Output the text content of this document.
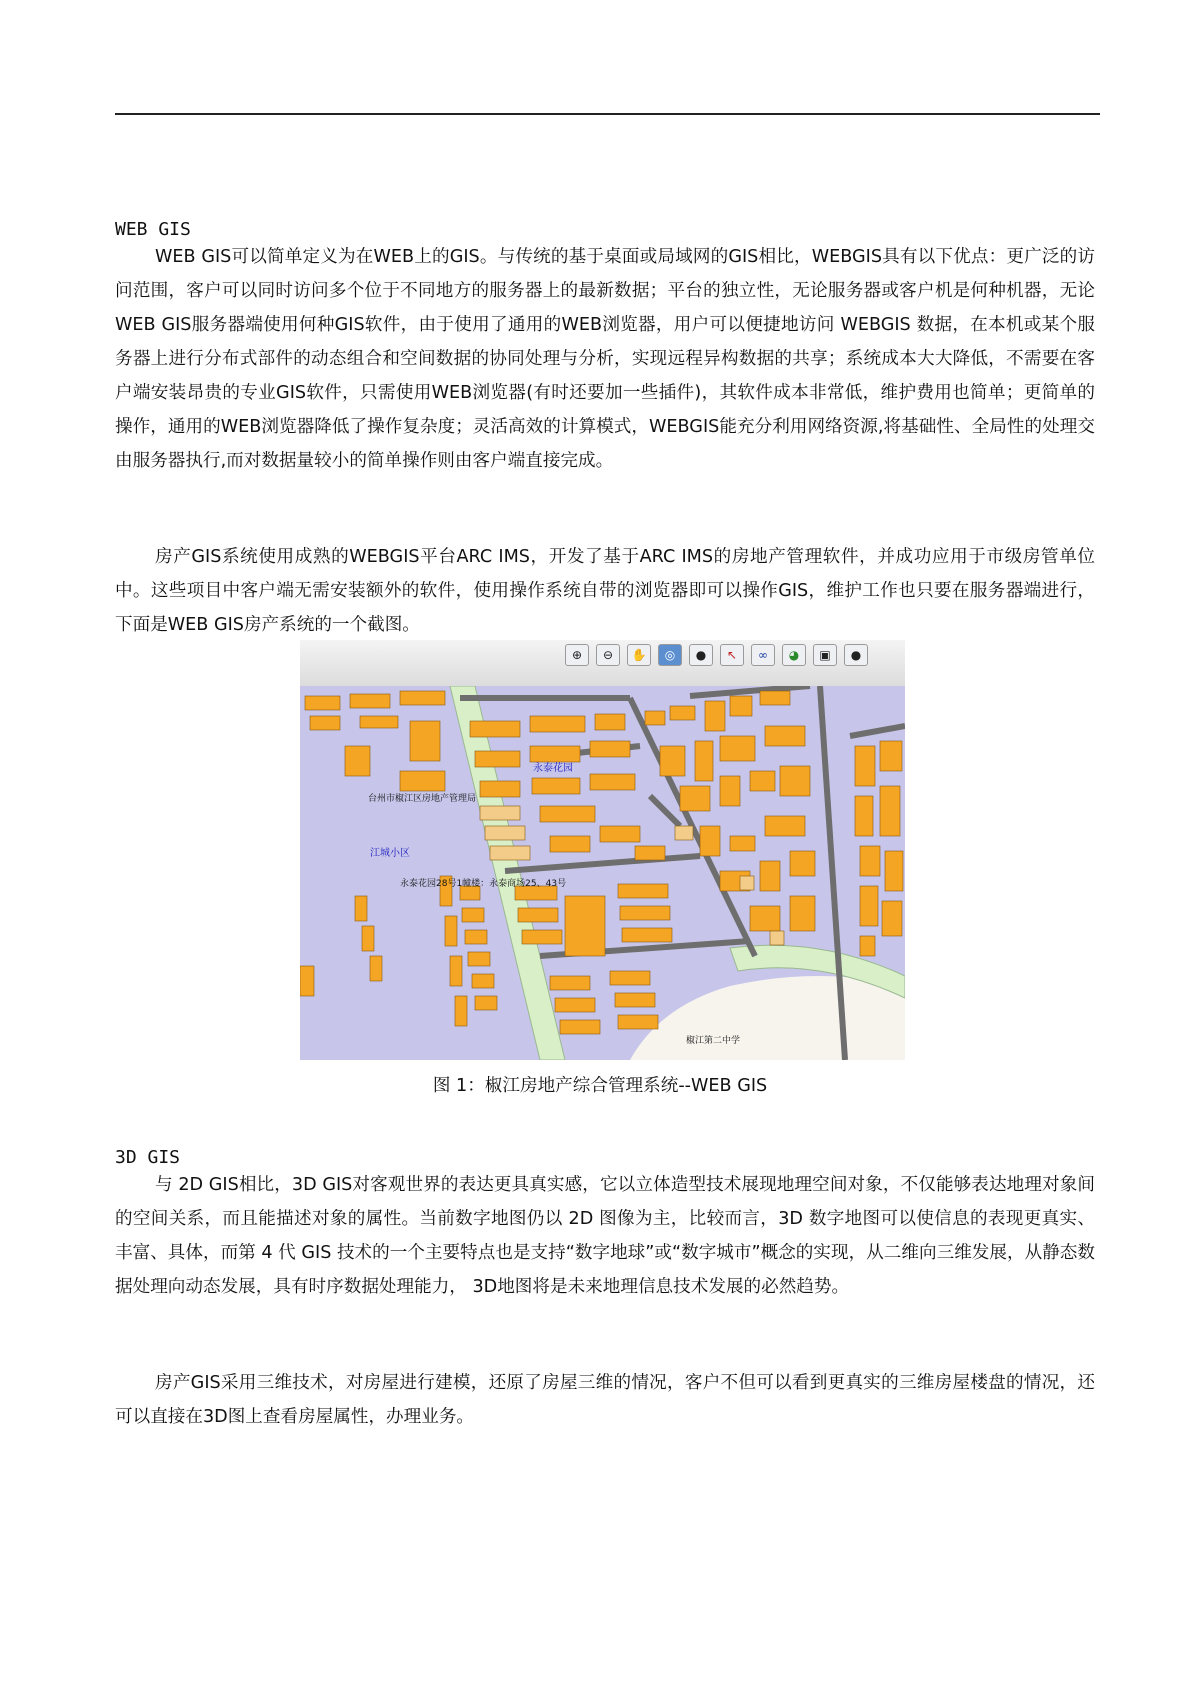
WEB GIS

WEB GIS可以简单定义为在WEB上的GIS。与传统的基于桌面或局域网的GIS相比，WEBGIS具有以下优点：更广泛的访问范围，客户可以同时访问多个位于不同地方的服务器上的最新数据；平台的独立性，无论服务器或客户机是何种机器，无论WEB GIS服务器端使用何种GIS软件，由于使用了通用的WEB浏览器，用户可以便捷地访问 WEBGIS 数据，在本机或某个服务器上进行分布式部件的动态组合和空间数据的协同处理与分析，实现远程异构数据的共享；系统成本大大降低，不需要在客户端安装昂贵的专业GIS软件，只需使用WEB浏览器(有时还要加一些插件)，其软件成本非常低，维护费用也简单；更简单的操作，通用的WEB浏览器降低了操作复杂度；灵活高效的计算模式，WEBGIS能充分利用网络资源,将基础性、全局性的处理交由服务器执行,而对数据量较小的简单操作则由客户端直接完成。

房产GIS系统使用成熟的WEBGIS平台ARC IMS，开发了基于ARC IMS的房地产管理软件，并成功应用于市级房管单位中。这些项目中客户端无需安装额外的软件，使用操作系统自带的浏览器即可以操作GIS，维护工作也只要在服务器端进行，下面是WEB GIS房产系统的一个截图。

⊕	⊖	✋	◎	●	↖	∞	◕	▣	●
永泰花园
台州市椒江区房地产管理局
江城小区
永泰花园28号1幢楼：永泰商场25、43号
椒江第二中学
图 1：椒江房地产综合管理系统--WEB GIS
3D GIS

与 2D GIS相比，3D GIS对客观世界的表达更具真实感，它以立体造型技术展现地理空间对象，不仅能够表达地理对象间的空间关系，而且能描述对象的属性。当前数字地图仍以 2D 图像为主，比较而言，3D 数字地图可以使信息的表现更真实、丰富、具体，而第 4 代 GIS 技术的一个主要特点也是支持“数字地球”或“数字城市”概念的实现，从二维向三维发展，从静态数据处理向动态发展，具有时序数据处理能力， 3D地图将是未来地理信息技术发展的必然趋势。

房产GIS采用三维技术，对房屋进行建模，还原了房屋三维的情况，客户不但可以看到更真实的三维房屋楼盘的情况，还可以直接在3D图上查看房屋属性，办理业务。
